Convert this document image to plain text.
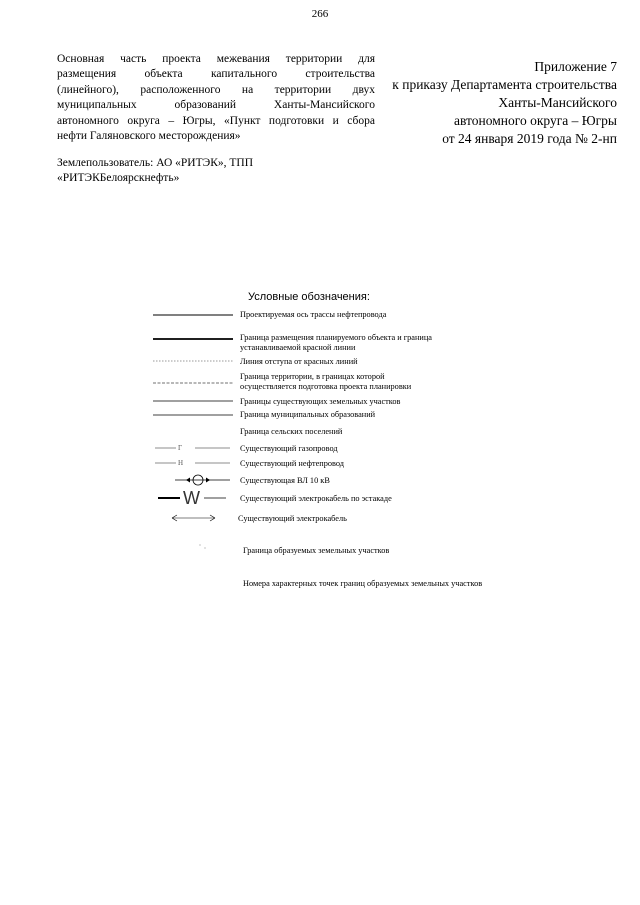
266
Основная часть проекта межевания территории для
размещения объекта капитального строительства
(линейного), расположенного на территории двух
муниципальных образований Ханты-Мансийского
автономного округа – Югры, «Пункт подготовки и сбора
нефти Галяновского месторождения»
Землепользователь: АО «РИТЭК», ТПП
«РИТЭКБелоярскнефть»
Приложение 7
к приказу Департамента строительства
Ханты-Мансийского
автономного округа – Югры
от 24 января 2019 года № 2-нп
Условные обозначения:
Г
Н
W
Проектируемая ось трассы нефтепровода
Граница размещения планируемого объекта и граница
устанавливаемой красной линии
Линия отступа от красных линий
Граница территории, в границах которой
осуществляется подготовка проекта планировки
Границы существующих земельных участков
Граница муниципальных образований
Граница сельских поселений
Существующий газопровод
Существующий нефтепровод
Существующая ВЛ 10 кВ
Существующий электрокабель по эстакаде
Существующий электрокабель
Граница образуемых земельных участков
Номера характерных точек границ образуемых земельных участков
